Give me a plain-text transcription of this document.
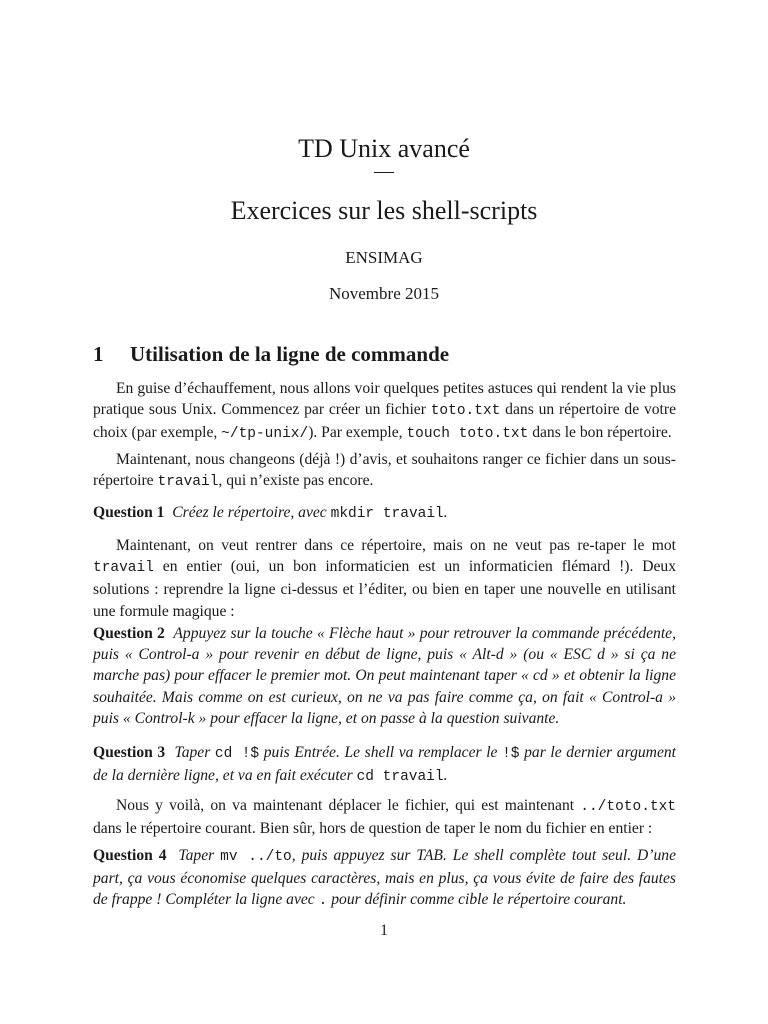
TD Unix avancé
—
Exercices sur les shell-scripts
ENSIMAG
Novembre 2015
1 Utilisation de la ligne de commande
En guise d’échauffement, nous allons voir quelques petites astuces qui rendent la vie plus pratique sous Unix. Commencez par créer un fichier toto.txt dans un répertoire de votre choix (par exemple, ~/tp-unix/). Par exemple, touch toto.txt dans le bon répertoire.
Maintenant, nous changeons (déjà !) d’avis, et souhaitons ranger ce fichier dans un sous-répertoire travail, qui n’existe pas encore.
Question 1 Créez le répertoire, avec mkdir travail.
Maintenant, on veut rentrer dans ce répertoire, mais on ne veut pas re-taper le mot travail en entier (oui, un bon informaticien est un informaticien flémard !). Deux solutions : reprendre la ligne ci-dessus et l’éditer, ou bien en taper une nouvelle en utilisant une formule magique :
Question 2 Appuyez sur la touche « Flèche haut » pour retrouver la commande précédente, puis « Control-a » pour revenir en début de ligne, puis « Alt-d » (ou « ESC d » si ça ne marche pas) pour effacer le premier mot. On peut maintenant taper « cd » et obtenir la ligne souhaitée. Mais comme on est curieux, on ne va pas faire comme ça, on fait « Control-a » puis « Control-k » pour effacer la ligne, et on passe à la question suivante.
Question 3 Taper cd !$ puis Entrée. Le shell va remplacer le !$ par le dernier argument de la dernière ligne, et va en fait exécuter cd travail.
Nous y voilà, on va maintenant déplacer le fichier, qui est maintenant ../toto.txt dans le répertoire courant. Bien sûr, hors de question de taper le nom du fichier en entier :
Question 4 Taper mv ../to, puis appuyez sur TAB. Le shell complète tout seul. D’une part, ça vous économise quelques caractères, mais en plus, ça vous évite de faire des fautes de frappe ! Compléter la ligne avec . pour définir comme cible le répertoire courant.
1
